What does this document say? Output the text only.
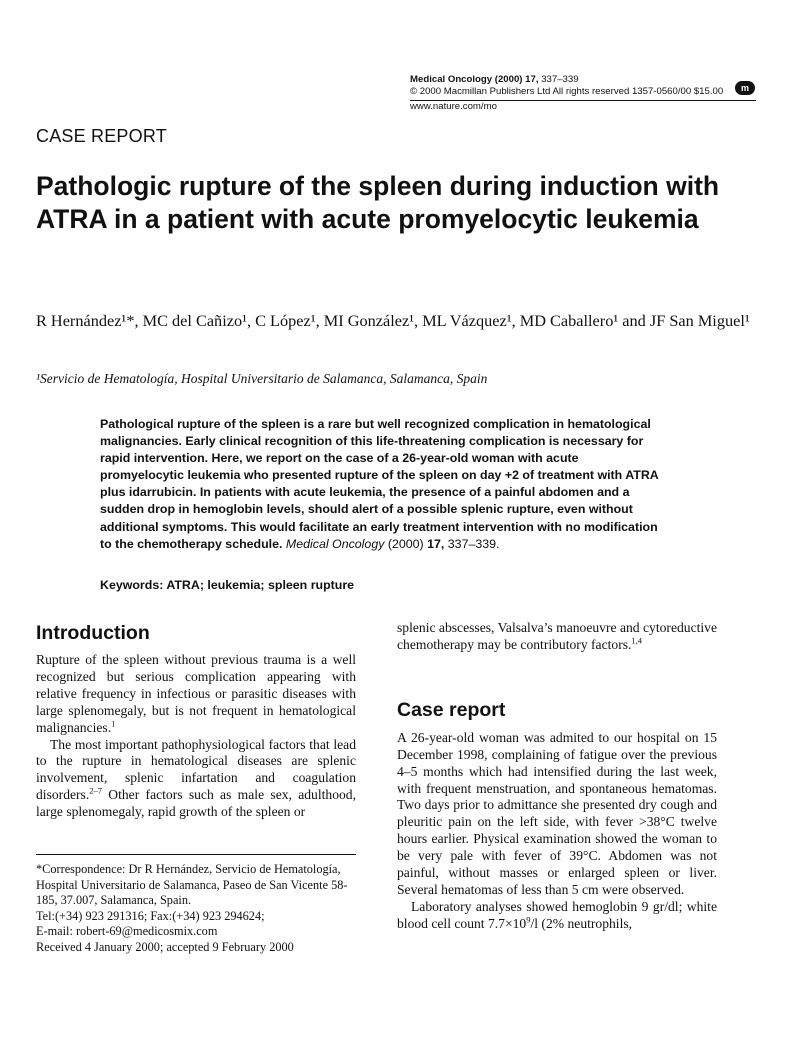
Medical Oncology (2000) 17, 337–339
© 2000 Macmillan Publishers Ltd All rights reserved 1357-0560/00 $15.00
www.nature.com/mo
m
CASE REPORT
Pathologic rupture of the spleen during induction with ATRA in a patient with acute promyelocytic leukemia
R Hernández¹*, MC del Cañizo¹, C López¹, MI González¹, ML Vázquez¹, MD Caballero¹ and JF San Miguel¹
¹Servicio de Hematología, Hospital Universitario de Salamanca, Salamanca, Spain

Pathological rupture of the spleen is a rare but well recognized complication in hematological malignancies. Early clinical recognition of this life-threatening complication is necessary for rapid intervention. Here, we report on the case of a 26-year-old woman with acute promyelocytic leukemia who presented rupture of the spleen on day +2 of treatment with ATRA plus idarrubicin. In patients with acute leukemia, the presence of a painful abdomen and a sudden drop in hemoglobin levels, should alert of a possible splenic rupture, even without additional symptoms. This would facilitate an early treatment intervention with no modification to the chemotherapy schedule. Medical Oncology (2000) 17, 337–339.

Keywords: ATRA; leukemia; spleen rupture
Introduction

Rupture of the spleen without previous trauma is a well recognized but serious complication appearing with relative frequency in infectious or parasitic diseases with large splenomegaly, but is not frequent in hematological malignancies.$^1$

The most important pathophysiological factors that lead to the rupture in hematological diseases are splenic involvement, splenic infartation and coagulation disorders.$^{2-7}$ Other factors such as male sex, adulthood, large splenomegaly, rapid growth of the spleen or

*Correspondence: Dr R Hernández, Servicio de Hematología, Hospital Universitario de Salamanca, Paseo de San Vicente 58-185, 37.007, Salamanca, Spain.
Tel:(+34) 923 291316; Fax:(+34) 923 294624;
E-mail: robert-69@medicosmix.com
Received 4 January 2000; accepted 9 February 2000

splenic abscesses, Valsalva’s manoeuvre and cytoreductive chemotherapy may be contributory factors.$^{1,4}$

Case report

A 26-year-old woman was admited to our hospital on 15 December 1998, complaining of fatigue over the previous 4–5 months which had intensified during the last week, with frequent menstruation, and spontaneous hematomas. Two days prior to admittance she presented dry cough and pleuritic pain on the left side, with fever >38°C twelve hours earlier. Physical examination showed the woman to be very pale with fever of 39°C. Abdomen was not painful, without masses or enlarged spleen or liver. Several hematomas of less than 5 cm were observed.

Laboratory analyses showed hemoglobin 9 gr/dl; white blood cell count $7.7\times 10^9/l$ (2% neutrophils,
